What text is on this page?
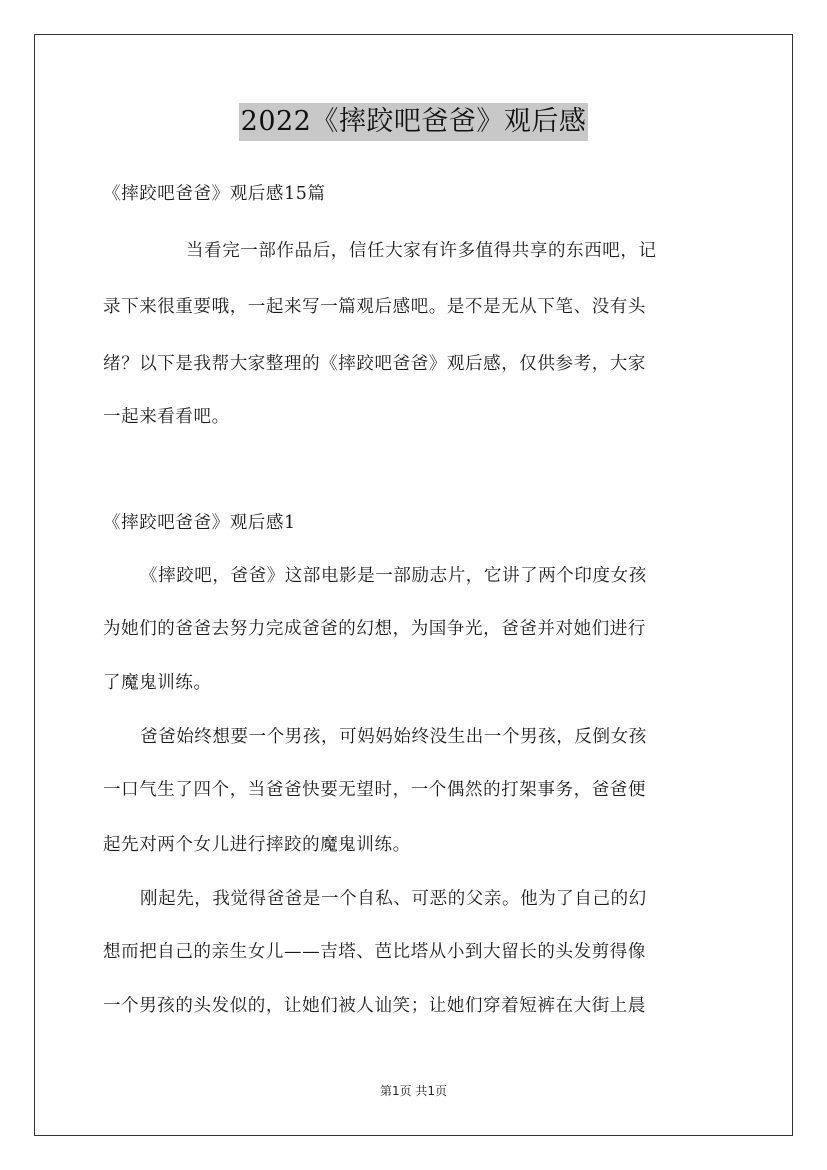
2022《摔跤吧爸爸》观后感
《摔跤吧爸爸》观后感15篇
当看完一部作品后，信任大家有许多值得共享的东西吧，记
录下来很重要哦，一起来写一篇观后感吧。是不是无从下笔、没有头
绪？以下是我帮大家整理的《摔跤吧爸爸》观后感，仅供参考，大家
一起来看看吧。
《摔跤吧爸爸》观后感1
《摔跤吧，爸爸》这部电影是一部励志片，它讲了两个印度女孩
为她们的爸爸去努力完成爸爸的幻想，为国争光，爸爸并对她们进行
了魔鬼训练。
爸爸始终想要一个男孩，可妈妈始终没生出一个男孩，反倒女孩
一口气生了四个，当爸爸快要无望时，一个偶然的打架事务，爸爸便
起先对两个女儿进行摔跤的魔鬼训练。
刚起先，我觉得爸爸是一个自私、可恶的父亲。他为了自己的幻
想而把自己的亲生女儿——吉塔、芭比塔从小到大留长的头发剪得像
一个男孩的头发似的，让她们被人讪笑；让她们穿着短裤在大街上晨
第1页 共1页
